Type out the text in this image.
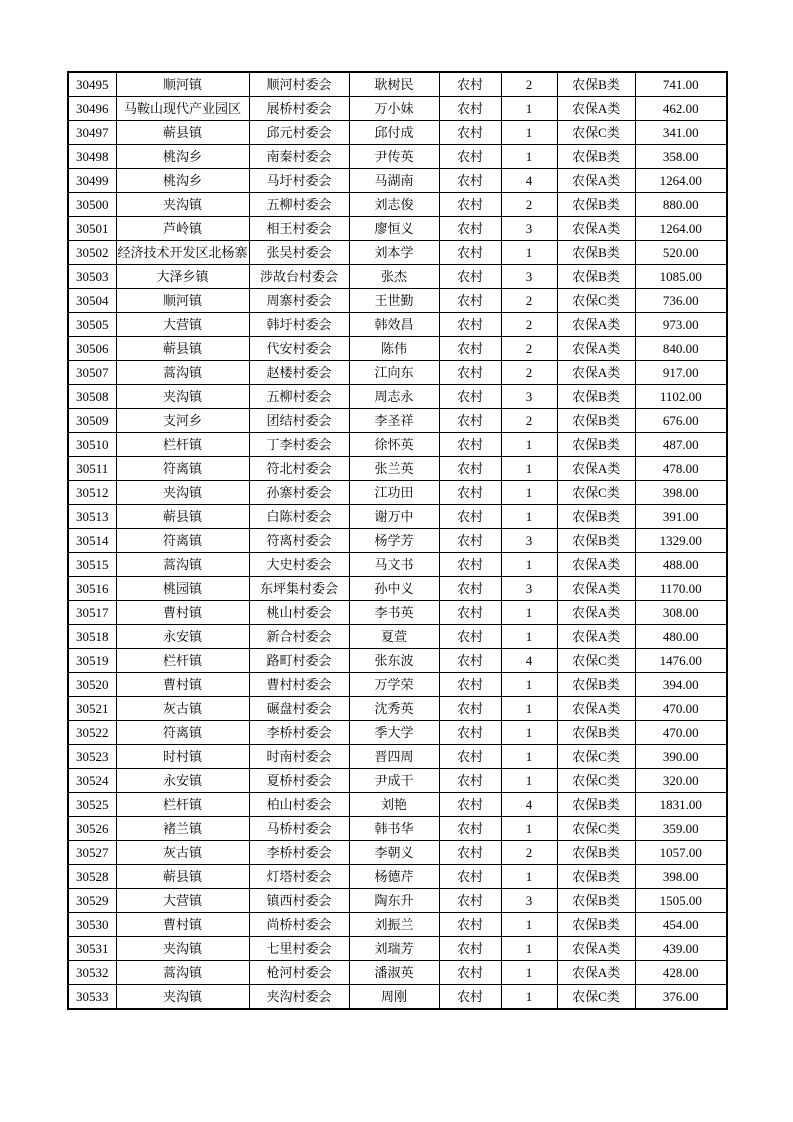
30495	顺河镇	顺河村委会	耿树民	农村	2	农保B类	741.00
30496	马鞍山现代产业园区	展桥村委会	万小妹	农村	1	农保A类	462.00
30497	蕲县镇	邱元村委会	邱付成	农村	1	农保C类	341.00
30498	桃沟乡	南秦村委会	尹传英	农村	1	农保B类	358.00
30499	桃沟乡	马圩村委会	马湖南	农村	4	农保A类	1264.00
30500	夹沟镇	五柳村委会	刘志俊	农村	2	农保B类	880.00
30501	芦岭镇	相王村委会	廖恒义	农村	3	农保A类	1264.00
30502	经济技术开发区北杨寨	张吴村委会	刘本学	农村	1	农保B类	520.00
30503	大泽乡镇	涉故台村委会	张杰	农村	3	农保B类	1085.00
30504	顺河镇	周寨村委会	王世勤	农村	2	农保C类	736.00
30505	大营镇	韩圩村委会	韩效昌	农村	2	农保A类	973.00
30506	蕲县镇	代安村委会	陈伟	农村	2	农保A类	840.00
30507	蒿沟镇	赵楼村委会	江向东	农村	2	农保A类	917.00
30508	夹沟镇	五柳村委会	周志永	农村	3	农保B类	1102.00
30509	支河乡	团结村委会	李圣祥	农村	2	农保B类	676.00
30510	栏杆镇	丁李村委会	徐怀英	农村	1	农保B类	487.00
30511	符离镇	符北村委会	张兰英	农村	1	农保A类	478.00
30512	夹沟镇	孙寨村委会	江功田	农村	1	农保C类	398.00
30513	蕲县镇	白陈村委会	谢万中	农村	1	农保B类	391.00
30514	符离镇	符离村委会	杨学芳	农村	3	农保B类	1329.00
30515	蒿沟镇	大史村委会	马文书	农村	1	农保A类	488.00
30516	桃园镇	东坪集村委会	孙中义	农村	3	农保A类	1170.00
30517	曹村镇	桃山村委会	李书英	农村	1	农保A类	308.00
30518	永安镇	新合村委会	夏萱	农村	1	农保A类	480.00
30519	栏杆镇	路町村委会	张东波	农村	4	农保C类	1476.00
30520	曹村镇	曹村村委会	万学荣	农村	1	农保B类	394.00
30521	灰古镇	碾盘村委会	沈秀英	农村	1	农保A类	470.00
30522	符离镇	李桥村委会	季大学	农村	1	农保B类	470.00
30523	时村镇	时南村委会	晋四周	农村	1	农保C类	390.00
30524	永安镇	夏桥村委会	尹成干	农村	1	农保C类	320.00
30525	栏杆镇	柏山村委会	刘艳	农村	4	农保B类	1831.00
30526	褚兰镇	马桥村委会	韩书华	农村	1	农保C类	359.00
30527	灰古镇	李桥村委会	李朝义	农村	2	农保B类	1057.00
30528	蕲县镇	灯塔村委会	杨德芹	农村	1	农保B类	398.00
30529	大营镇	镇西村委会	陶东升	农村	3	农保B类	1505.00
30530	曹村镇	尚桥村委会	刘振兰	农村	1	农保B类	454.00
30531	夹沟镇	七里村委会	刘瑞芳	农村	1	农保A类	439.00
30532	蒿沟镇	枪河村委会	潘淑英	农村	1	农保A类	428.00
30533	夹沟镇	夹沟村委会	周刚	农村	1	农保C类	376.00
